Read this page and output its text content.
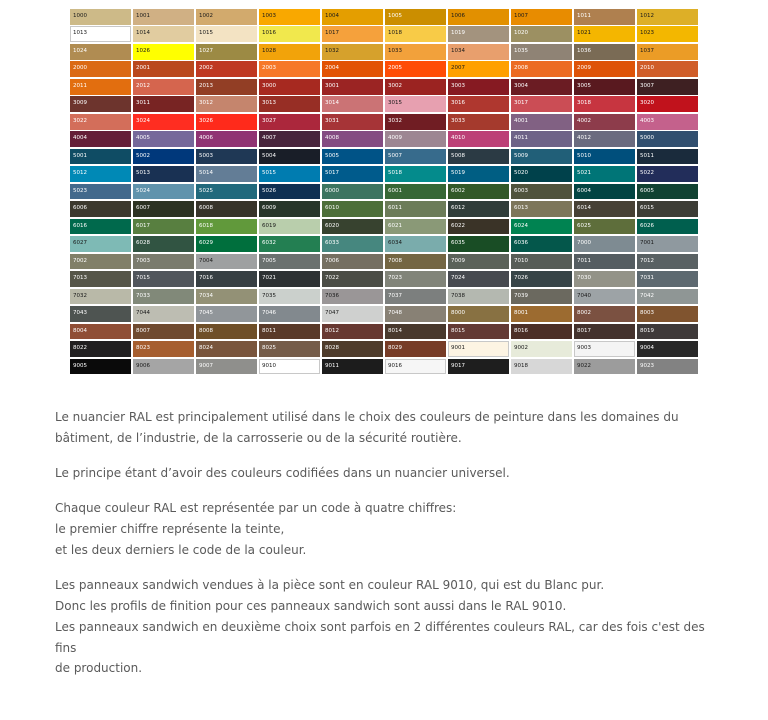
1000	1001	1002	1003	1004	1005	1006	1007	1011	1012
1013	1014	1015	1016	1017	1018	1019	1020	1021	1023
1024	1026	1027	1028	1032	1033	1034	1035	1036	1037
2000	2001	2002	2003	2004	2005	2007	2008	2009	2010
2011	2012	2013	3000	3001	3002	3003	3004	3005	3007
3009	3011	3012	3013	3014	3015	3016	3017	3018	3020
3022	3024	3026	3027	3031	3032	3033	4001	4002	4003
4004	4005	4006	4007	4008	4009	4010	4011	4012	5000
5001	5002	5003	5004	5005	5007	5008	5009	5010	5011
5012	5013	5014	5015	5017	5018	5019	5020	5021	5022
5023	5024	5025	5026	6000	6001	6002	6003	6004	6005
6006	6007	6008	6009	6010	6011	6012	6013	6014	6015
6016	6017	6018	6019	6020	6021	6022	6024	6025	6026
6027	6028	6029	6032	6033	6034	6035	6036	7000	7001
7002	7003	7004	7005	7006	7008	7009	7010	7011	7012
7013	7015	7016	7021	7022	7023	7024	7026	7030	7031
7032	7033	7034	7035	7036	7037	7038	7039	7040	7042
7043	7044	7045	7046	7047	7048	8000	8001	8002	8003
8004	8007	8008	8011	8012	8014	8015	8016	8017	8019
8022	8023	8024	8025	8028	8029	9001	9002	9003	9004
9005	9006	9007	9010	9011	9016	9017	9018	9022	9023

Le nuancier RAL est principalement utilisé dans le choix des couleurs de peinture dans les domaines du
bâtiment, de l’industrie, de la carrosserie ou de la sécurité routière.

Le principe étant d’avoir des couleurs codifiées dans un nuancier universel.

Chaque couleur RAL est représentée par un code à quatre chiffres:
le premier chiffre représente la teinte,
et les deux derniers le code de la couleur.

Les panneaux sandwich vendues à la pièce sont en couleur RAL 9010, qui est du Blanc pur.
Donc les profils de finition pour ces panneaux sandwich sont aussi dans le RAL 9010.
Les panneaux sandwich en deuxième choix sont parfois en 2 différentes couleurs RAL, car des fois c'est des fins
de production.
